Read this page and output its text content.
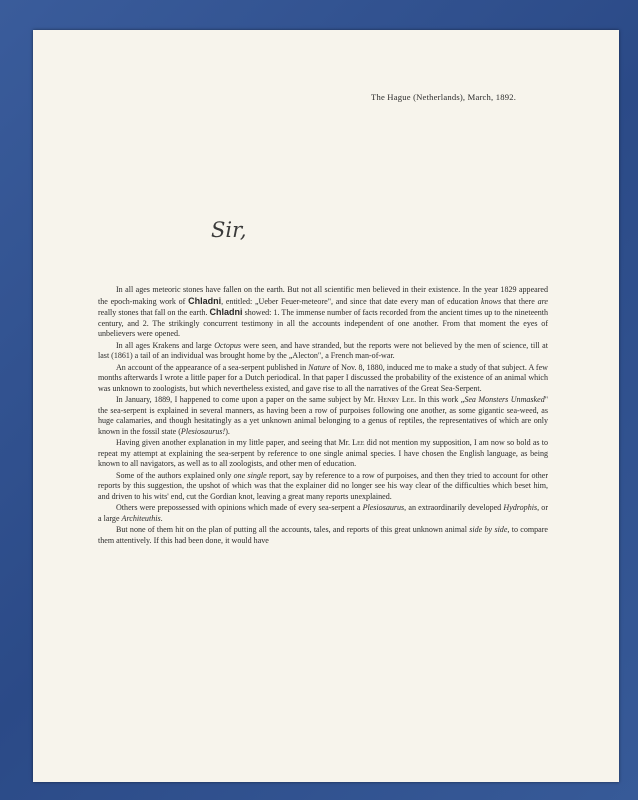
The Hague (Netherlands), March, 1892.
Sir,

In all ages meteoric stones have fallen on the earth. But not all scientific men believed in their existence. In the year 1829 appeared the epoch-making work of Chladni, entitled: „Ueber Feuer-meteore", and since that date every man of education knows that there are really stones that fall on the earth. Chladni showed: 1. The immense number of facts recorded from the ancient times up to the nineteenth century, and 2. The strikingly concurrent testimony in all the accounts independent of one another. From that moment the eyes of unbelievers were opened.

In all ages Krakens and large Octopus were seen, and have stranded, but the reports were not believed by the men of science, till at last (1861) a tail of an individual was brought home by the „Alecton", a French man-of-war.

An account of the appearance of a sea-serpent published in Nature of Nov. 8, 1880, induced me to make a study of that subject. A few months afterwards I wrote a little paper for a Dutch periodical. In that paper I discussed the probability of the existence of an animal which was unknown to zoologists, but which nevertheless existed, and gave rise to all the narratives of the Great Sea-Serpent.

In January, 1889, I happened to come upon a paper on the same subject by Mr. Henry Lee. In this work „Sea Monsters Unmasked" the sea-serpent is explained in several manners, as having been a row of purpoises following one another, as some gigantic sea-weed, as huge calamaries, and though hesitatingly as a yet unknown animal belonging to a genus of reptiles, the representatives of which are only known in the fossil state (Plesiosaurus!).

Having given another explanation in my little paper, and seeing that Mr. Lee did not mention my supposition, I am now so bold as to repeat my attempt at explaining the sea-serpent by reference to one single animal species. I have chosen the English language, as being known to all navigators, as well as to all zoologists, and other men of education.

Some of the authors explained only one single report, say by reference to a row of purpoises, and then they tried to account for other reports by this suggestion, the upshot of which was that the explainer did no longer see his way clear of the difficulties which beset him, and driven to his wits' end, cut the Gordian knot, leaving a great many reports unexplained.

Others were prepossessed with opinions which made of every sea-serpent a Plesiosaurus, an extraordinarily developed Hydrophis, or a large Architeuthis.

But none of them hit on the plan of putting all the accounts, tales, and reports of this great unknown animal side by side, to compare them attentively. If this had been done, it would have
